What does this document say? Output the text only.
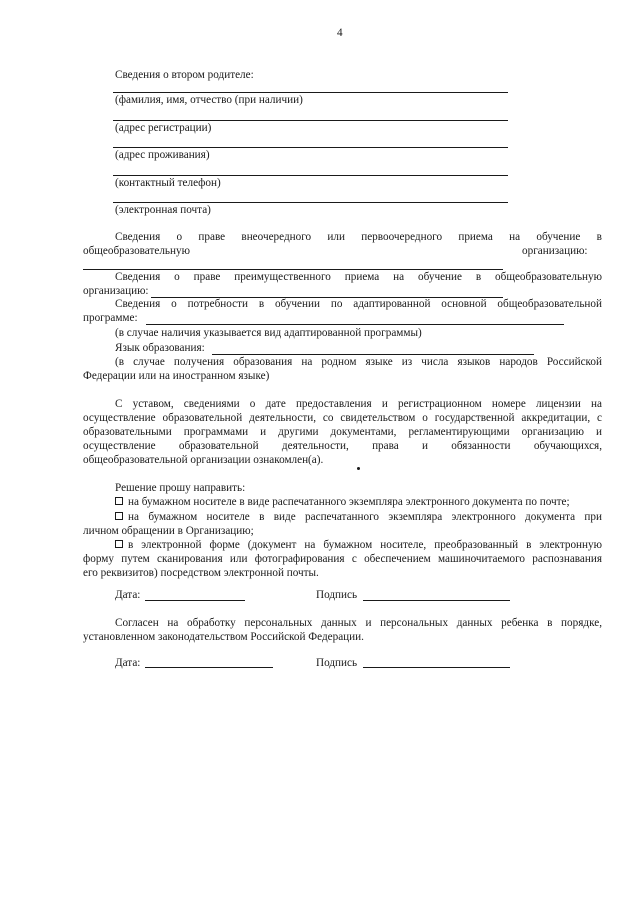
4
Сведения о втором родителе:
(фамилия, имя, отчество (при наличии)
(адрес регистрации)
(адрес проживания)
(контактный телефон)
(электронная почта)
Сведения о праве внеочередного или первоочередного приема на обучение в
общеобразовательную	организацию:
Сведения о праве преимущественного приема на обучение в общеобразовательную
организацию:
Сведения о потребности в обучении по адаптированной основной общеобразовательной
программе:
(в случае наличия указывается вид адаптированной программы)
Язык образования:
(в случае получения образования на родном языке из числа языков народов Российской
Федерации или на иностранном языке)
С уставом, сведениями о дате предоставления и регистрационном номере лицензии на
осуществление образовательной деятельности, со свидетельством о государственной аккредитации, с
образовательными программами и другими документами, регламентирующими организацию и
осуществление образовательной деятельности, права и обязанности обучающихся,
общеобразовательной организации ознакомлен(а).
Решение прошу направить:
на бумажном носителе в виде распечатанного экземпляра электронного документа по почте;
на бумажном носителе в виде распечатанного экземпляра электронного документа при
личном обращении в Организацию;
в электронной форме (документ на бумажном носителе, преобразованный в электронную
форму путем сканирования или фотографирования с обеспечением машиночитаемого распознавания
его реквизитов) посредством электронной почты.
Дата:	Подпись
Согласен на обработку персональных данных и персональных данных ребенка в порядке,
установленном законодательством Российской Федерации.
Дата:	Подпись
